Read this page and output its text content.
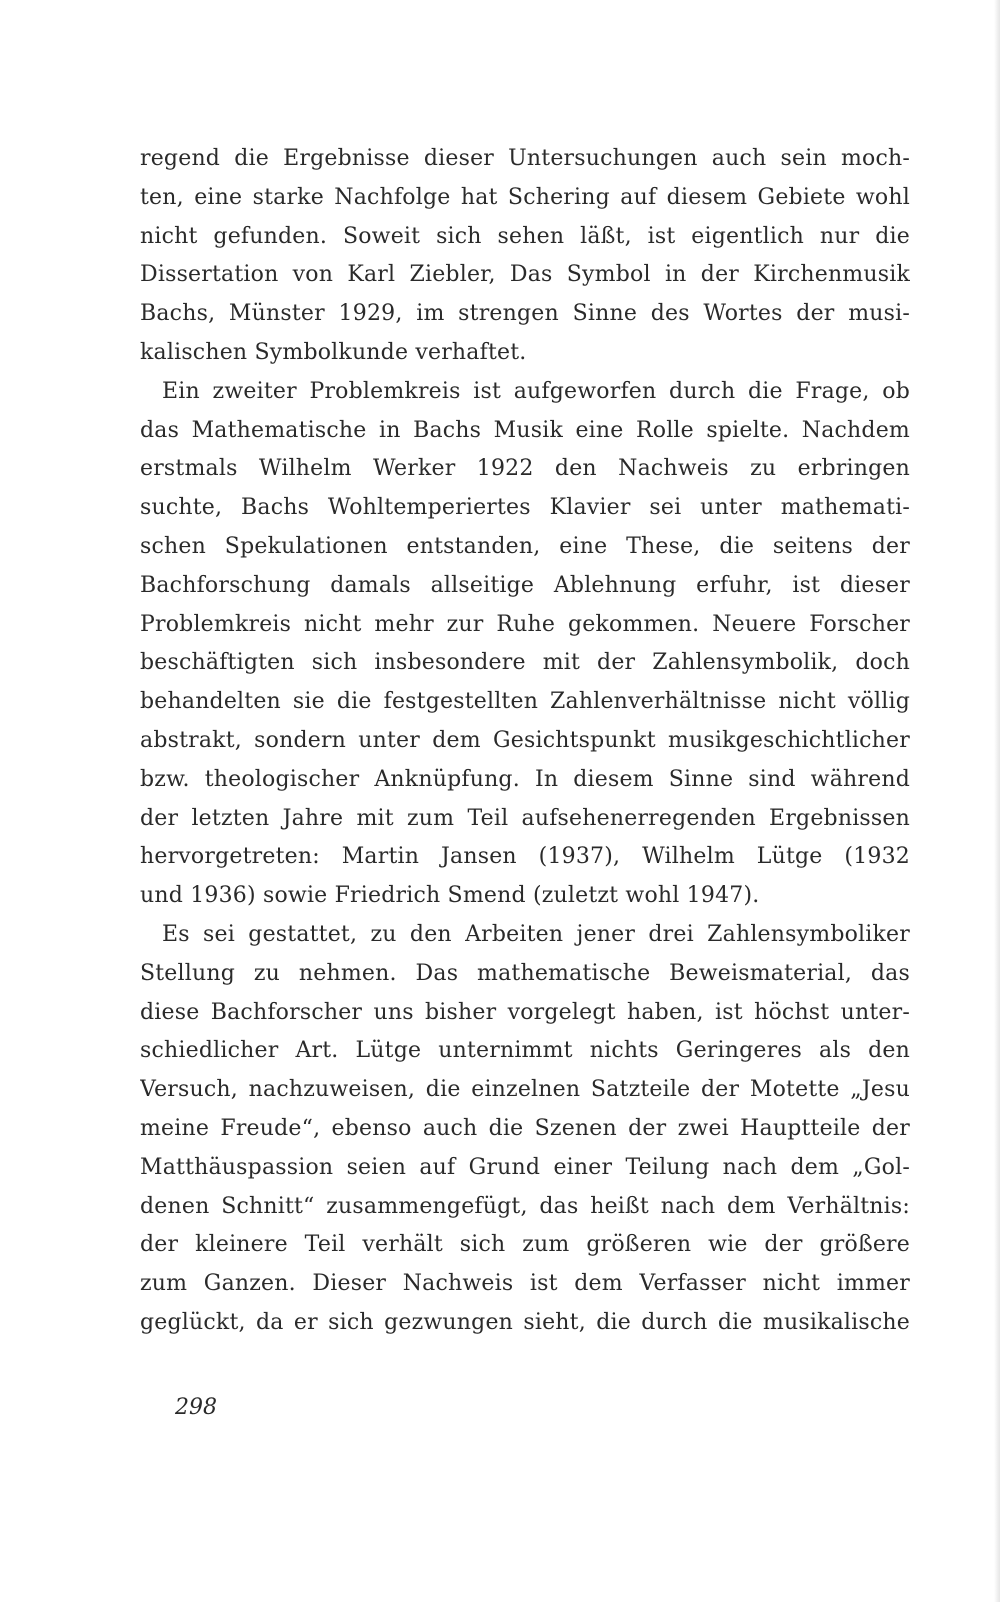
regend die Ergebnisse dieser Untersuchungen auch sein moch-
ten, eine starke Nachfolge hat Schering auf diesem Gebiete wohl
nicht gefunden. Soweit sich sehen läßt, ist eigentlich nur die
Dissertation von Karl Ziebler, Das Symbol in der Kirchenmusik
Bachs, Münster 1929, im strengen Sinne des Wortes der musi-
kalischen Symbolkunde verhaftet.
Ein zweiter Problemkreis ist aufgeworfen durch die Frage, ob
das Mathematische in Bachs Musik eine Rolle spielte. Nachdem
erstmals Wilhelm Werker 1922 den Nachweis zu erbringen
suchte, Bachs Wohltemperiertes Klavier sei unter mathemati-
schen Spekulationen entstanden, eine These, die seitens der
Bachforschung damals allseitige Ablehnung erfuhr, ist dieser
Problemkreis nicht mehr zur Ruhe gekommen. Neuere Forscher
beschäftigten sich insbesondere mit der Zahlensymbolik, doch
behandelten sie die festgestellten Zahlenverhältnisse nicht völlig
abstrakt, sondern unter dem Gesichtspunkt musikgeschichtlicher
bzw. theologischer Anknüpfung. In diesem Sinne sind während
der letzten Jahre mit zum Teil aufsehenerregenden Ergebnissen
hervorgetreten: Martin Jansen (1937), Wilhelm Lütge (1932
und 1936) sowie Friedrich Smend (zuletzt wohl 1947).
Es sei gestattet, zu den Arbeiten jener drei Zahlensymboliker
Stellung zu nehmen. Das mathematische Beweismaterial, das
diese Bachforscher uns bisher vorgelegt haben, ist höchst unter-
schiedlicher Art. Lütge unternimmt nichts Geringeres als den
Versuch, nachzuweisen, die einzelnen Satzteile der Motette „Jesu
meine Freude“, ebenso auch die Szenen der zwei Hauptteile der
Matthäuspassion seien auf Grund einer Teilung nach dem „Gol-
denen Schnitt“ zusammengefügt, das heißt nach dem Verhältnis:
der kleinere Teil verhält sich zum größeren wie der größere
zum Ganzen. Dieser Nachweis ist dem Verfasser nicht immer
geglückt, da er sich gezwungen sieht, die durch die musikalische
298
